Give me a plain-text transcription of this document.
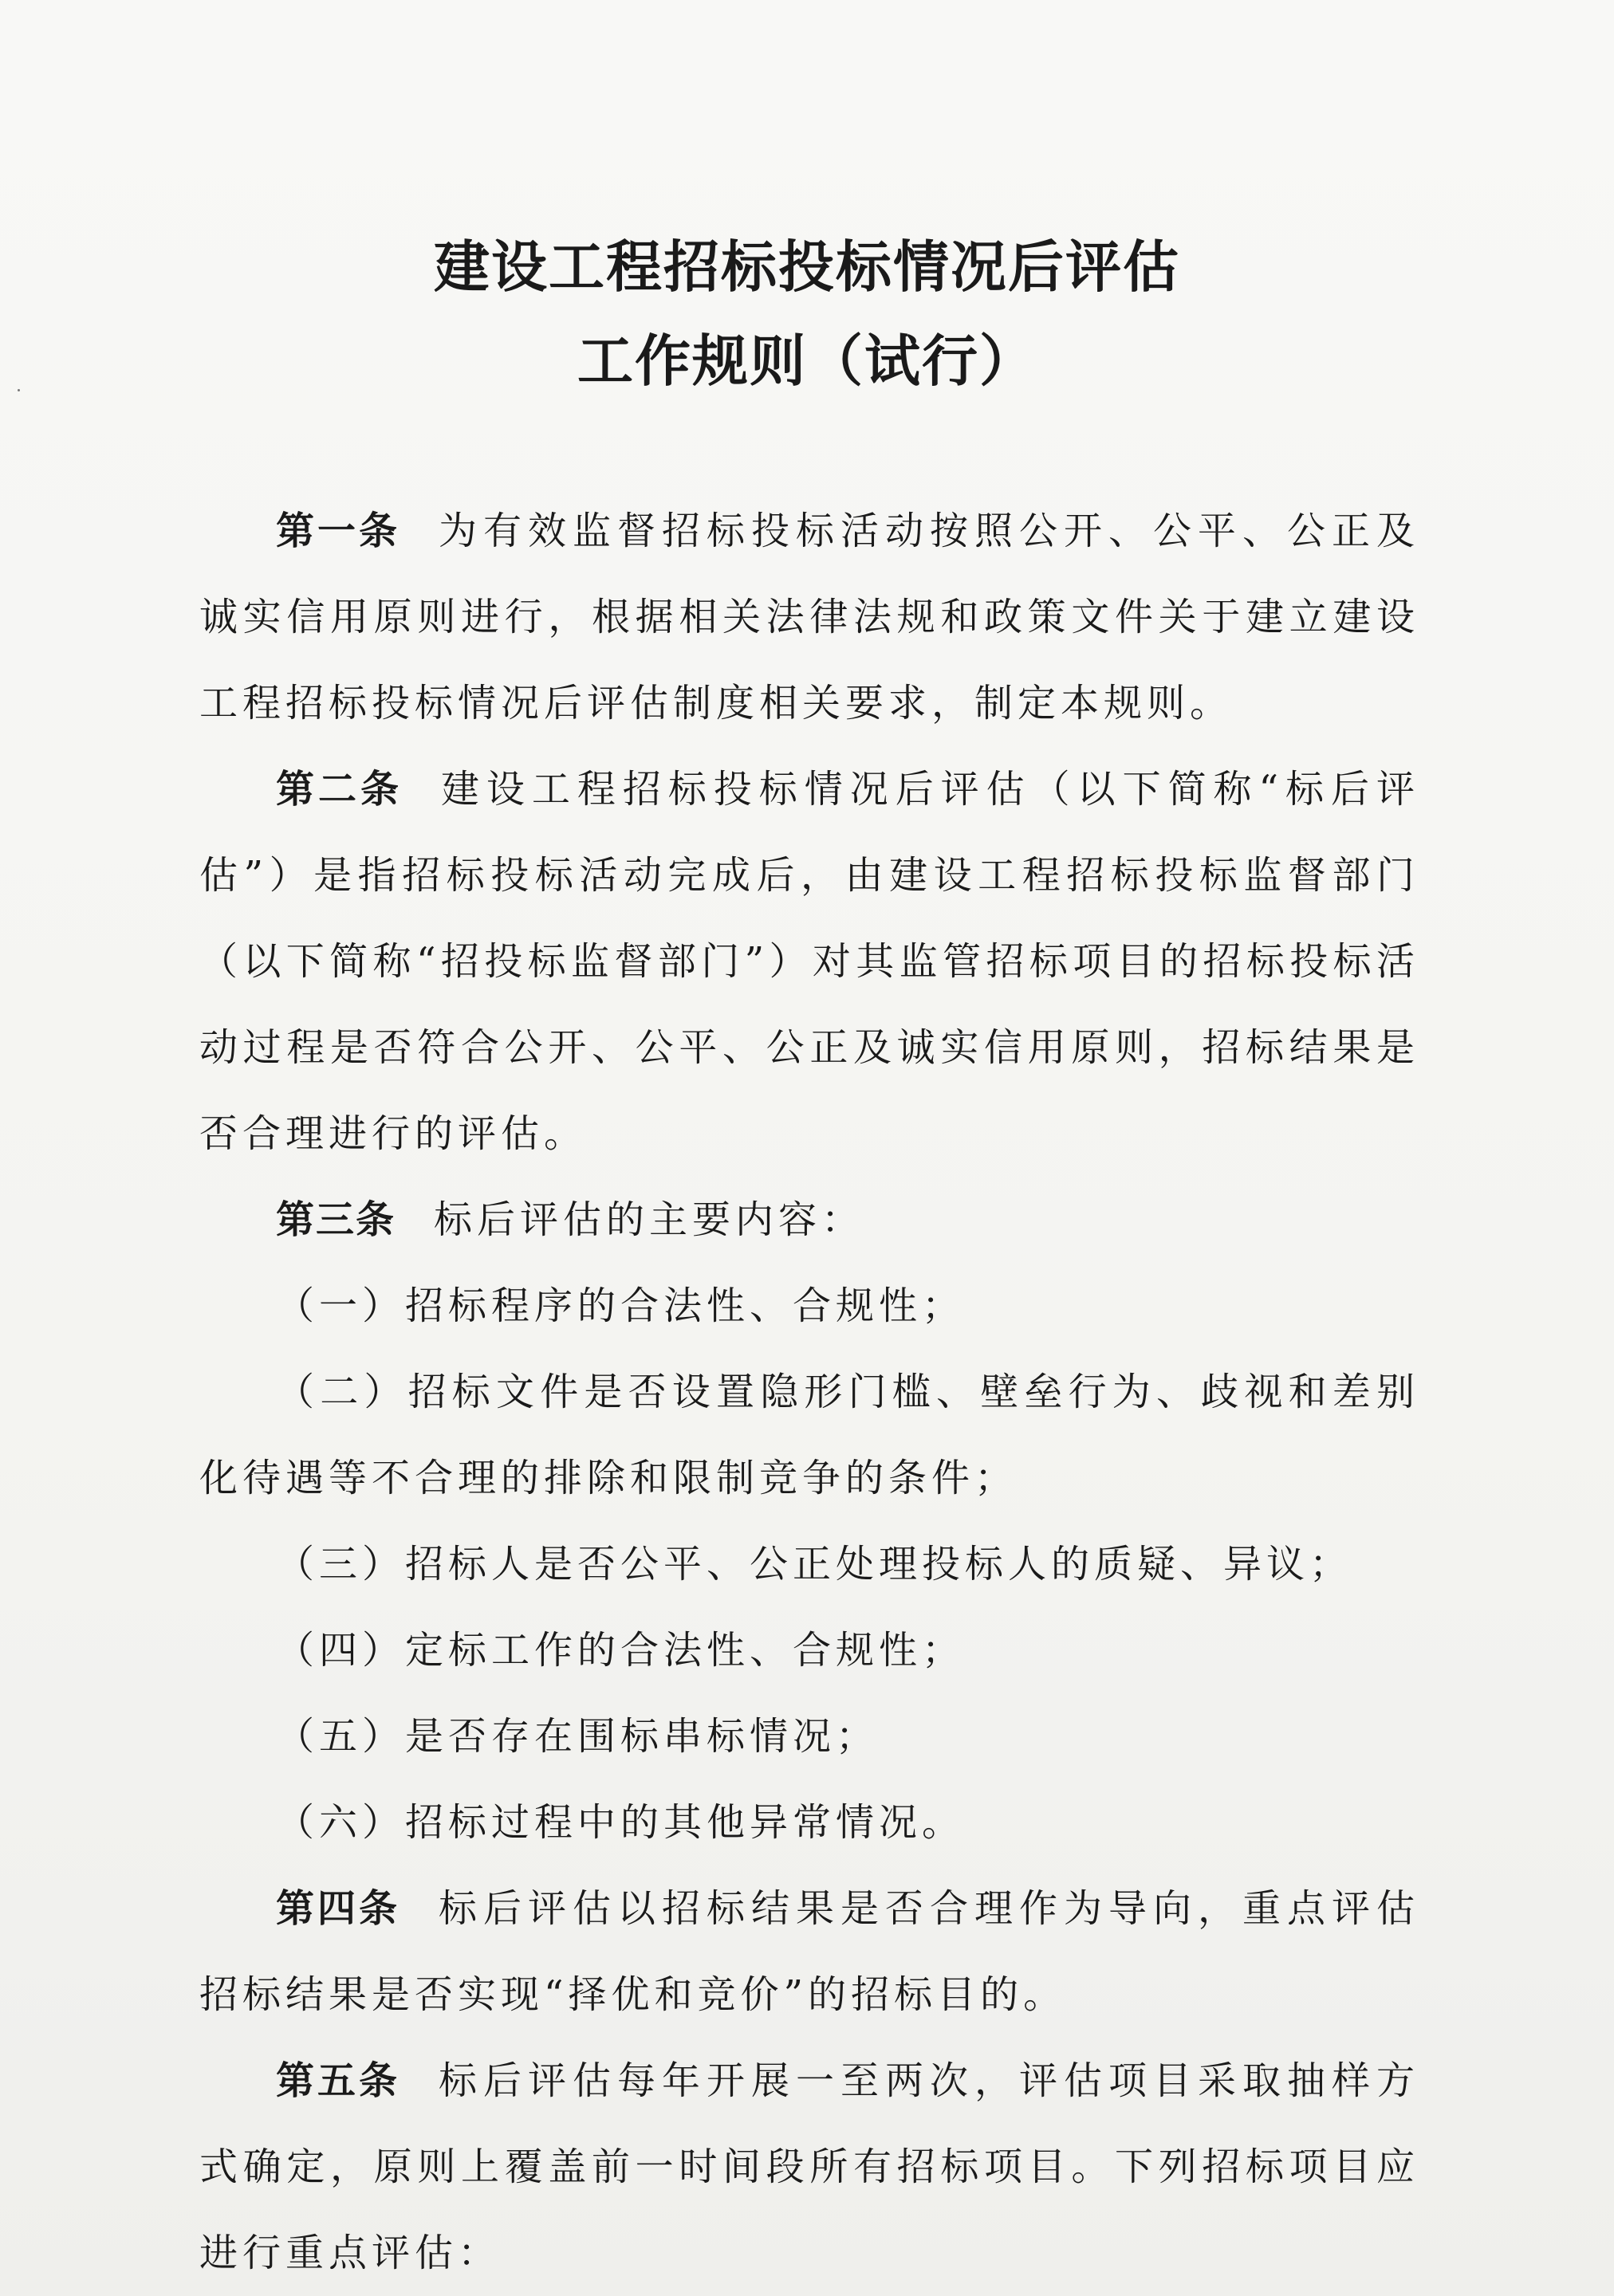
建设工程招标投标情况后评估
工作规则（试行）

第一条 为有效监督招标投标活动按照公开、公平、公正及诚实信用原则进行，根据相关法律法规和政策文件关于建立建设工程招标投标情况后评估制度相关要求，制定本规则。

第二条 建设工程招标投标情况后评估（以下简称“标后评估”）是指招标投标活动完成后，由建设工程招标投标监督部门（以下简称“招投标监督部门”）对其监管招标项目的招标投标活动过程是否符合公开、公平、公正及诚实信用原则，招标结果是否合理进行的评估。

第三条 标后评估的主要内容：

（一）招标程序的合法性、合规性；

（二）招标文件是否设置隐形门槛、壁垒行为、歧视和差别化待遇等不合理的排除和限制竞争的条件；

（三）招标人是否公平、公正处理投标人的质疑、异议；

（四）定标工作的合法性、合规性；

（五）是否存在围标串标情况；

（六）招标过程中的其他异常情况。

第四条 标后评估以招标结果是否合理作为导向，重点评估招标结果是否实现“择优和竞价”的招标目的。

第五条 标后评估每年开展一至两次，评估项目采取抽样方式确定，原则上覆盖前一时间段所有招标项目。下列招标项目应进行重点评估：
